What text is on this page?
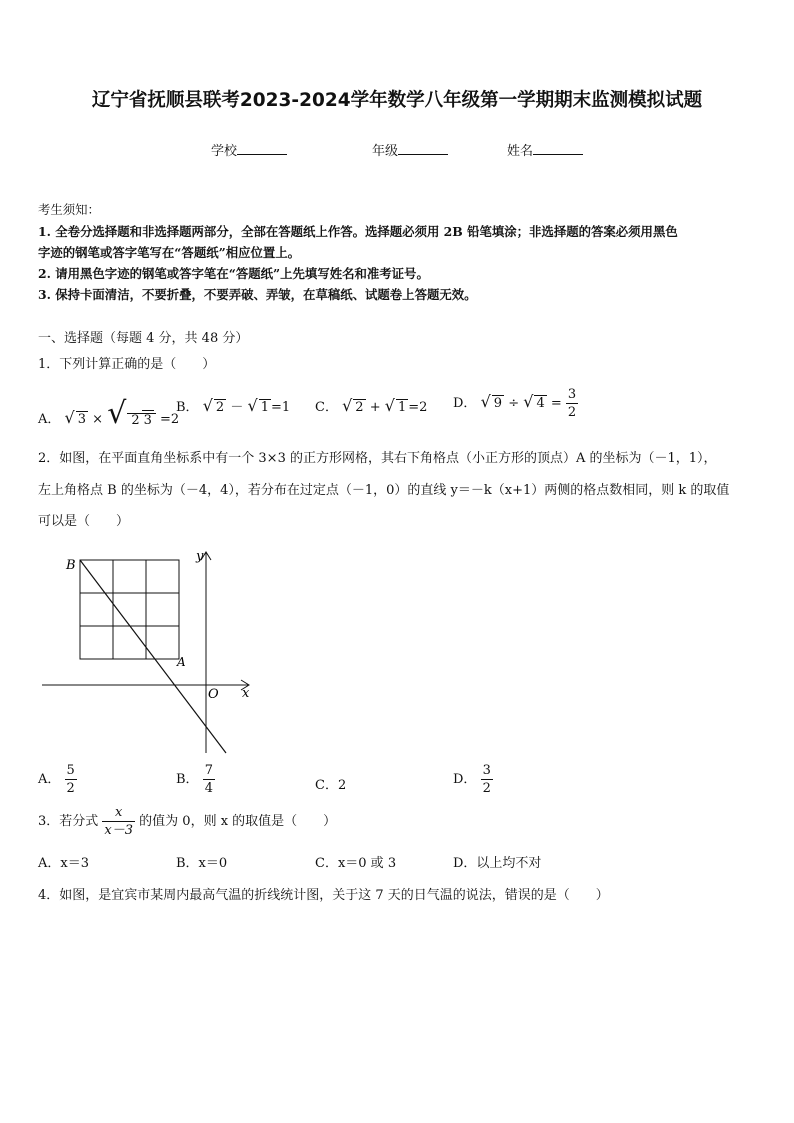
辽宁省抚顺县联考2023-2024学年数学八年级第一学期期末监测模拟试题
学校	年级	姓名
考生须知：
1. 全卷分选择题和非选择题两部分，全部在答题纸上作答。选择题必须用 2B 铅笔填涂；非选择题的答案必须用黑色
字迹的钢笔或答字笔写在“答题纸”相应位置上。
2. 请用黑色字迹的钢笔或答字笔在“答题纸”上先填写姓名和准考证号。
3. 保持卡面清洁，不要折叠，不要弄破、弄皱，在草稿纸、试题卷上答题无效。
一、选择题（每题 4 分，共 48 分）
1．下列计算正确的是（　　）
A． √ 3 × √ 2 3 =2
B． √ 2 － √ 1 =1 C． √ 2 + √ 1 =2 D． √ 9 ÷ √ $4 = \frac{3}{2}$
2．如图，在平面直角坐标系中有一个 3×3 的正方形网格，其右下角格点（小正方形的顶点）A 的坐标为（－1，1），
左上角格点 B 的坐标为（－4，4），若分布在过定点（－1，0）的直线 y＝－k（x+1）两侧的格点数相同，则 k 的取值
可以是（　　）
B
A
O x
y
A． $\frac{5}{2}$	B． $\frac{7}{4}$	C．2	D． $\frac{3}{2}$
3．若分式 $\frac{x}{x-3}$ 的值为 0，则 x 的取值是（　　）
A．x＝3	B．x＝0	C．x＝0 或 3	D．以上均不对
4．如图，是宜宾市某周内最高气温的折线统计图，关于这 7 天的日气温的说法，错误的是（　　）
